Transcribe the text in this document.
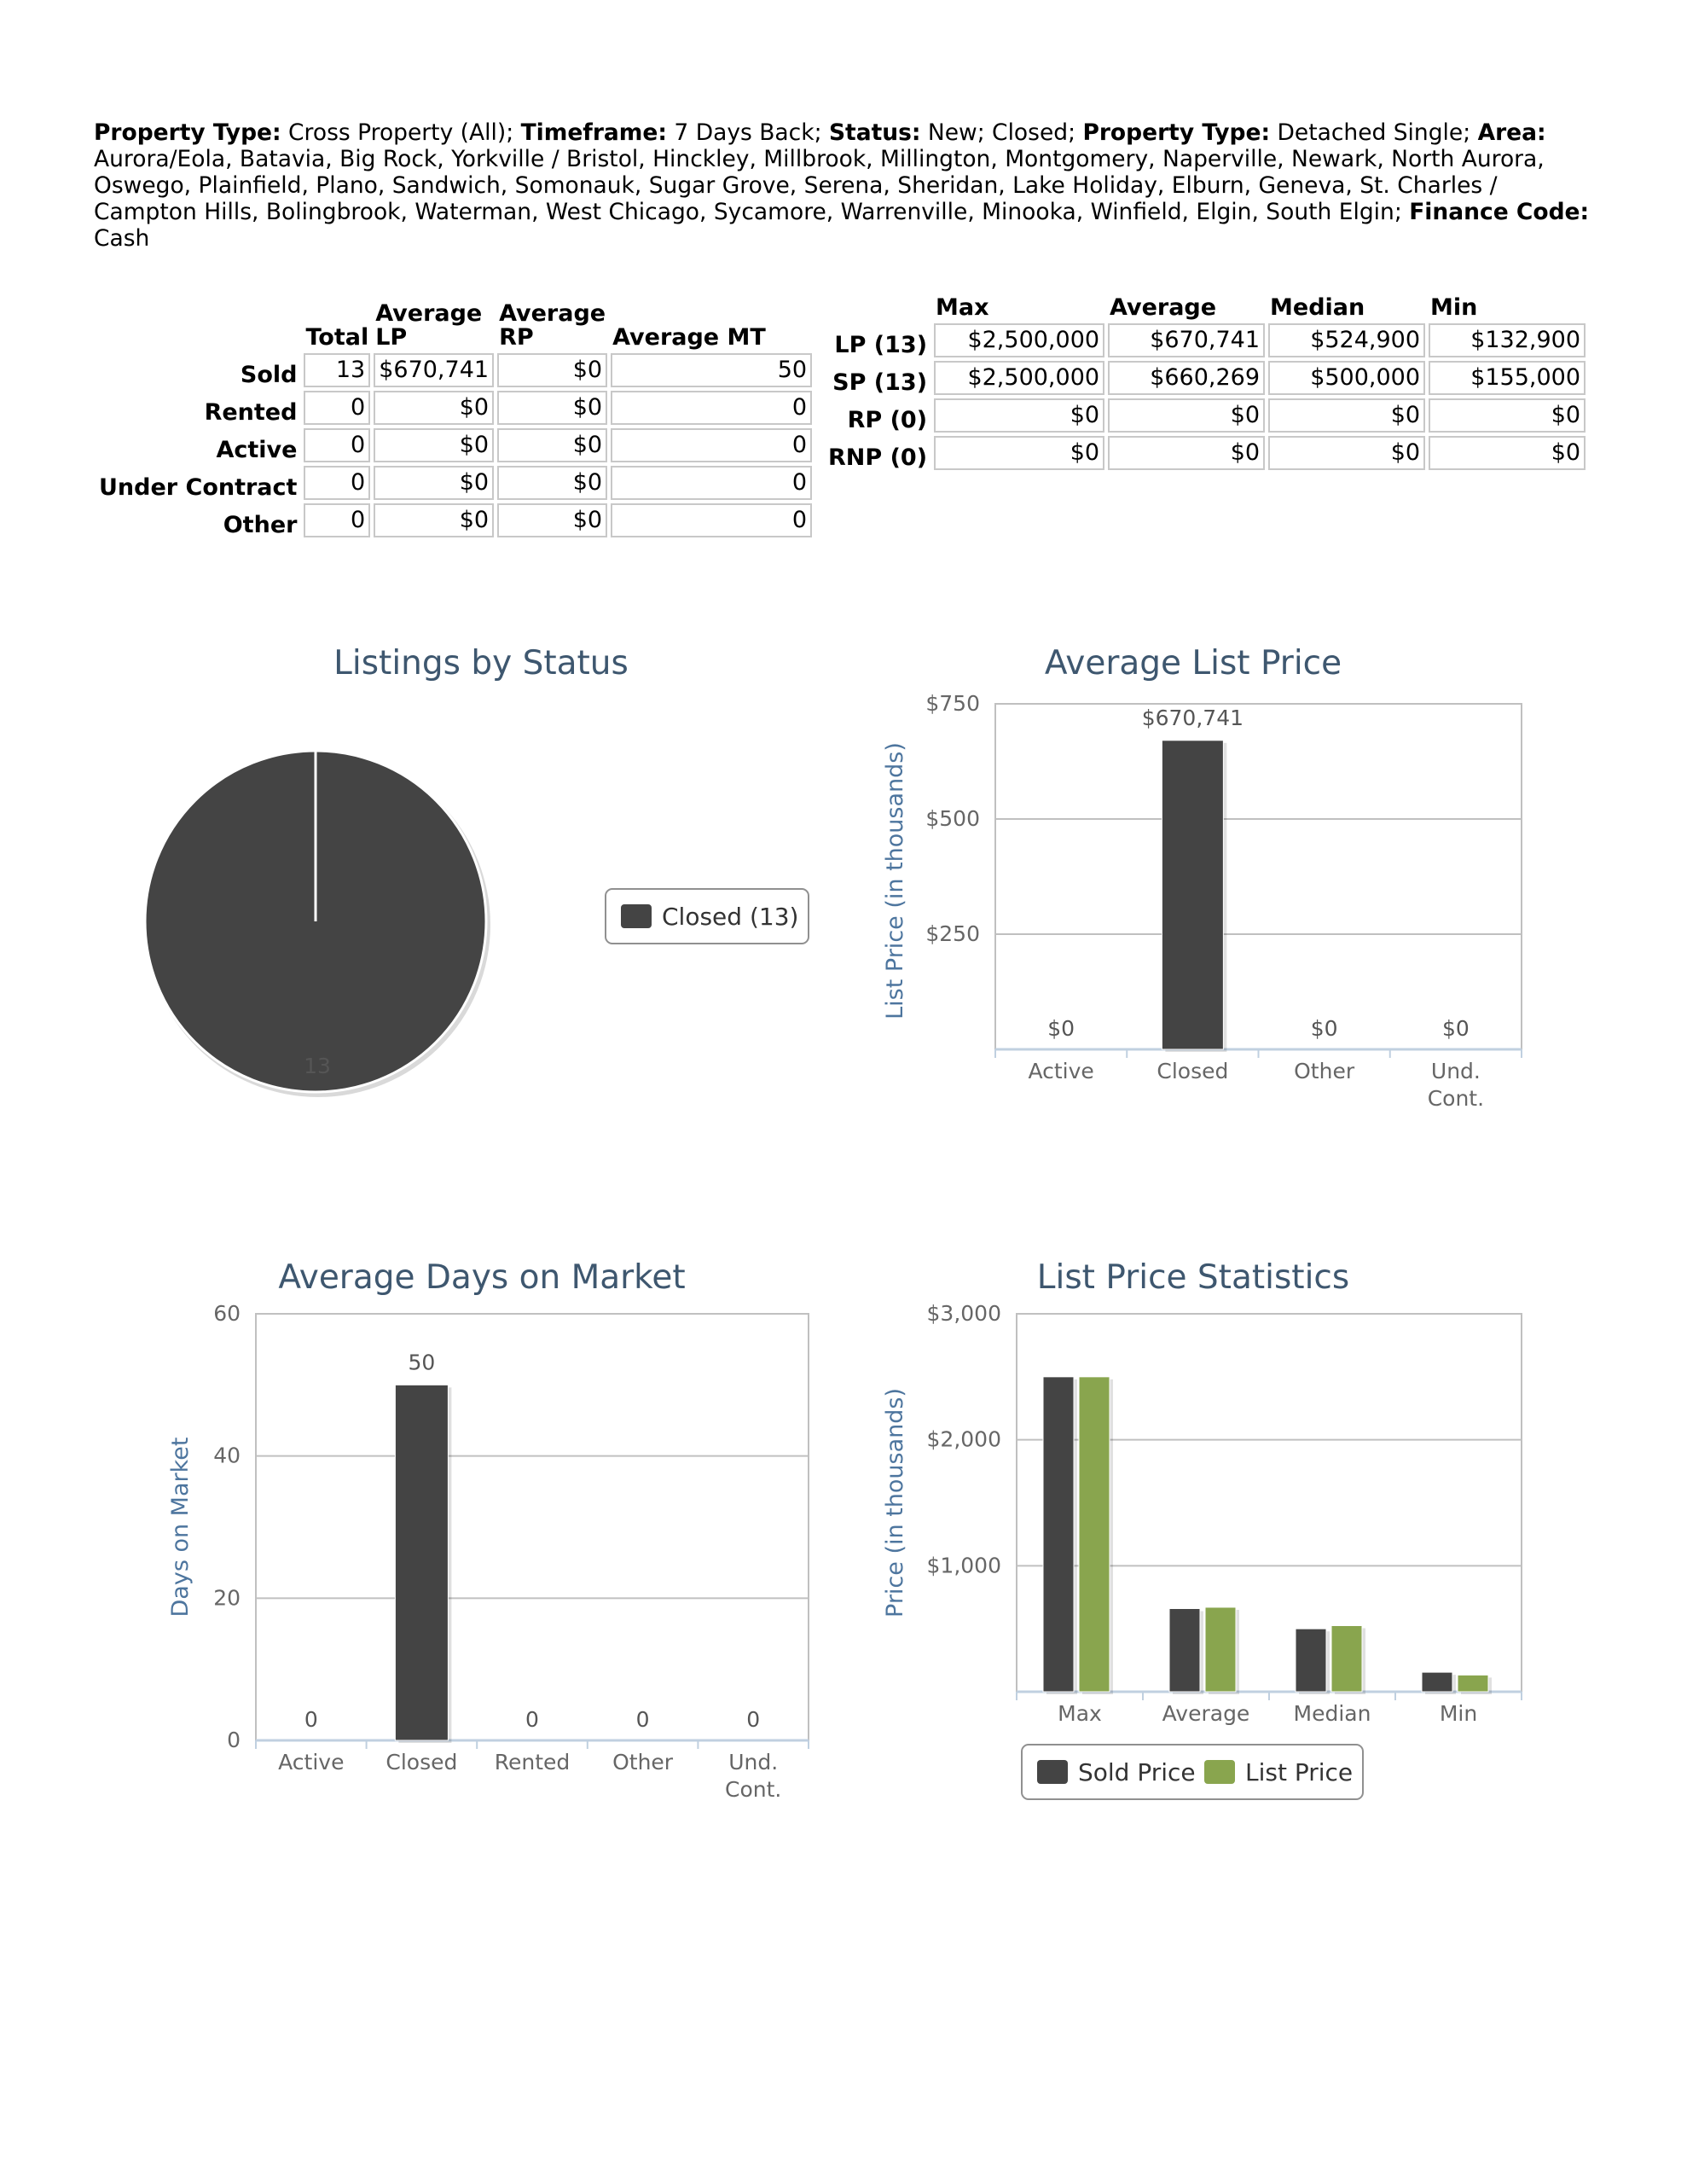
Property Type: Cross Property (All); Timeframe: 7 Days Back; Status: New; Closed; Property Type: Detached Single; Area: Aurora/Eola, Batavia, Big Rock, Yorkville / Bristol, Hinckley, Millbrook, Millington, Montgomery, Naperville, Newark, North Aurora, Oswego, Plainfield, Plano, Sandwich, Somonauk, Sugar Grove, Serena, Sheridan, Lake Holiday, Elburn, Geneva, St. Charles / Campton Hills, Bolingbrook, Waterman, West Chicago, Sycamore, Warrenville, Minooka, Winfield, Elgin, South Elgin; Finance Code: Cash
	Total	Average LP	Average RP	Average MT
Sold	13	$670,741	$0	50
Rented	0	$0	$0	0
Active	0	$0	$0	0
Under Contract	0	$0	$0	0
Other	0	$0	$0	0
	Max	Average	Median	Min
LP (13)	$2,500,000	$670,741	$524,900	$132,900
SP (13)	$2,500,000	$660,269	$500,000	$155,000
RP (0)	$0	$0	$0	$0
RNP (0)	$0	$0	$0	$0
Listings by Status
13
Closed (13)
Average List Price
$250
$500
$750
Active	Closed	Other	Und. Cont.
List Price (in thousands)
$0
$670,741
$0	$0
Average Days on Market
0
20
40
60
Active Closed Rented Other	Und. Cont.
Days on Market
0
50
0	0	0
List Price Statistics
$1,000
$2,000
$3,000
Max	Average Median	Min
Price (in thousands)
Sold Price List Price
